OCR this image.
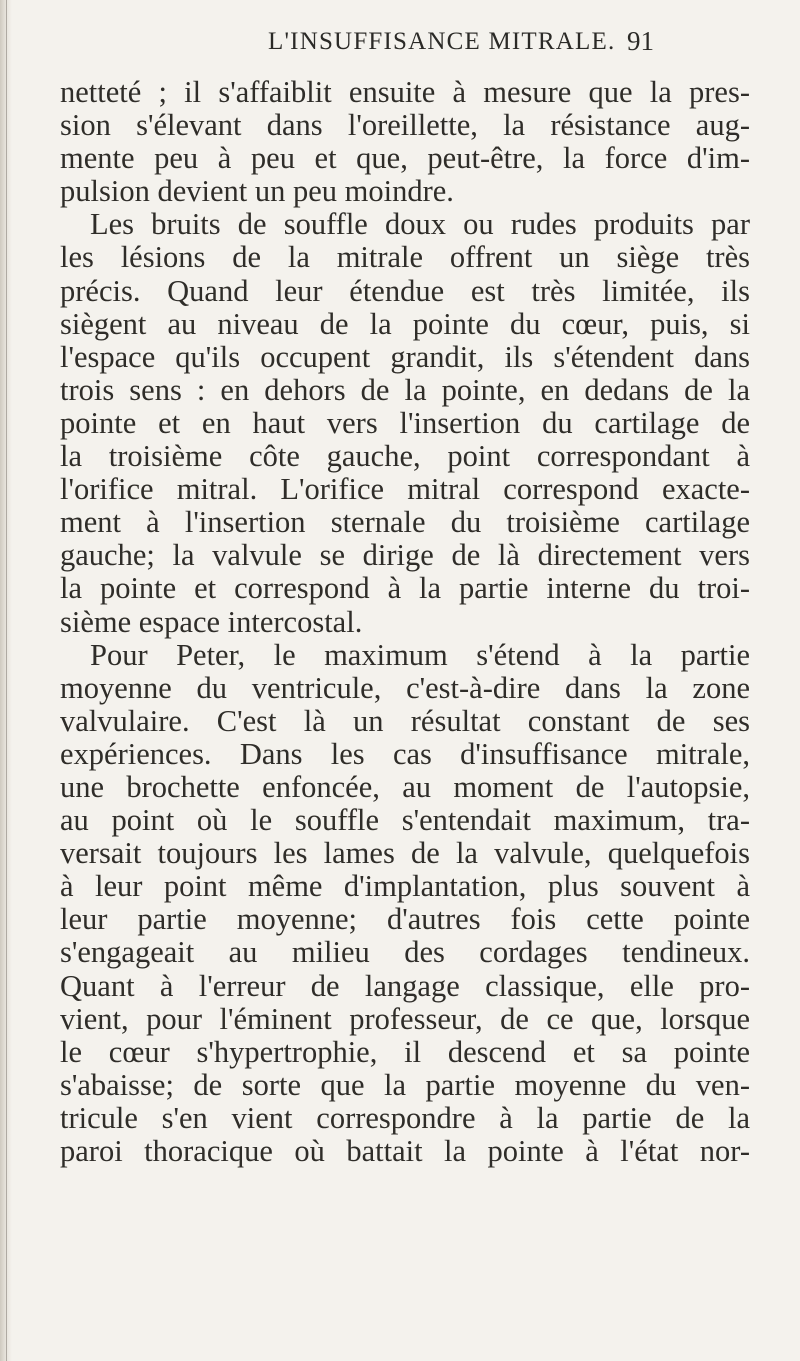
L'INSUFFISANCE MITRALE. 91
netteté ; il s'affaiblit ensuite à mesure que la pres-
sion s'élevant dans l'oreillette, la résistance aug-
mente peu à peu et que, peut-être, la force d'im-
pulsion devient un peu moindre.
Les bruits de souffle doux ou rudes produits par
les lésions de la mitrale offrent un siège très
précis. Quand leur étendue est très limitée, ils
siègent au niveau de la pointe du cœur, puis, si
l'espace qu'ils occupent grandit, ils s'étendent dans
trois sens : en dehors de la pointe, en dedans de la
pointe et en haut vers l'insertion du cartilage de
la troisième côte gauche, point correspondant à
l'orifice mitral. L'orifice mitral correspond exacte-
ment à l'insertion sternale du troisième cartilage
gauche; la valvule se dirige de là directement vers
la pointe et correspond à la partie interne du troi-
sième espace intercostal.
Pour Peter, le maximum s'étend à la partie
moyenne du ventricule, c'est-à-dire dans la zone
valvulaire. C'est là un résultat constant de ses
expériences. Dans les cas d'insuffisance mitrale,
une brochette enfoncée, au moment de l'autopsie,
au point où le souffle s'entendait maximum, tra-
versait toujours les lames de la valvule, quelquefois
à leur point même d'implantation, plus souvent à
leur partie moyenne; d'autres fois cette pointe
s'engageait au milieu des cordages tendineux.
Quant à l'erreur de langage classique, elle pro-
vient, pour l'éminent professeur, de ce que, lorsque
le cœur s'hypertrophie, il descend et sa pointe
s'abaisse; de sorte que la partie moyenne du ven-
tricule s'en vient correspondre à la partie de la
paroi thoracique où battait la pointe à l'état nor-
